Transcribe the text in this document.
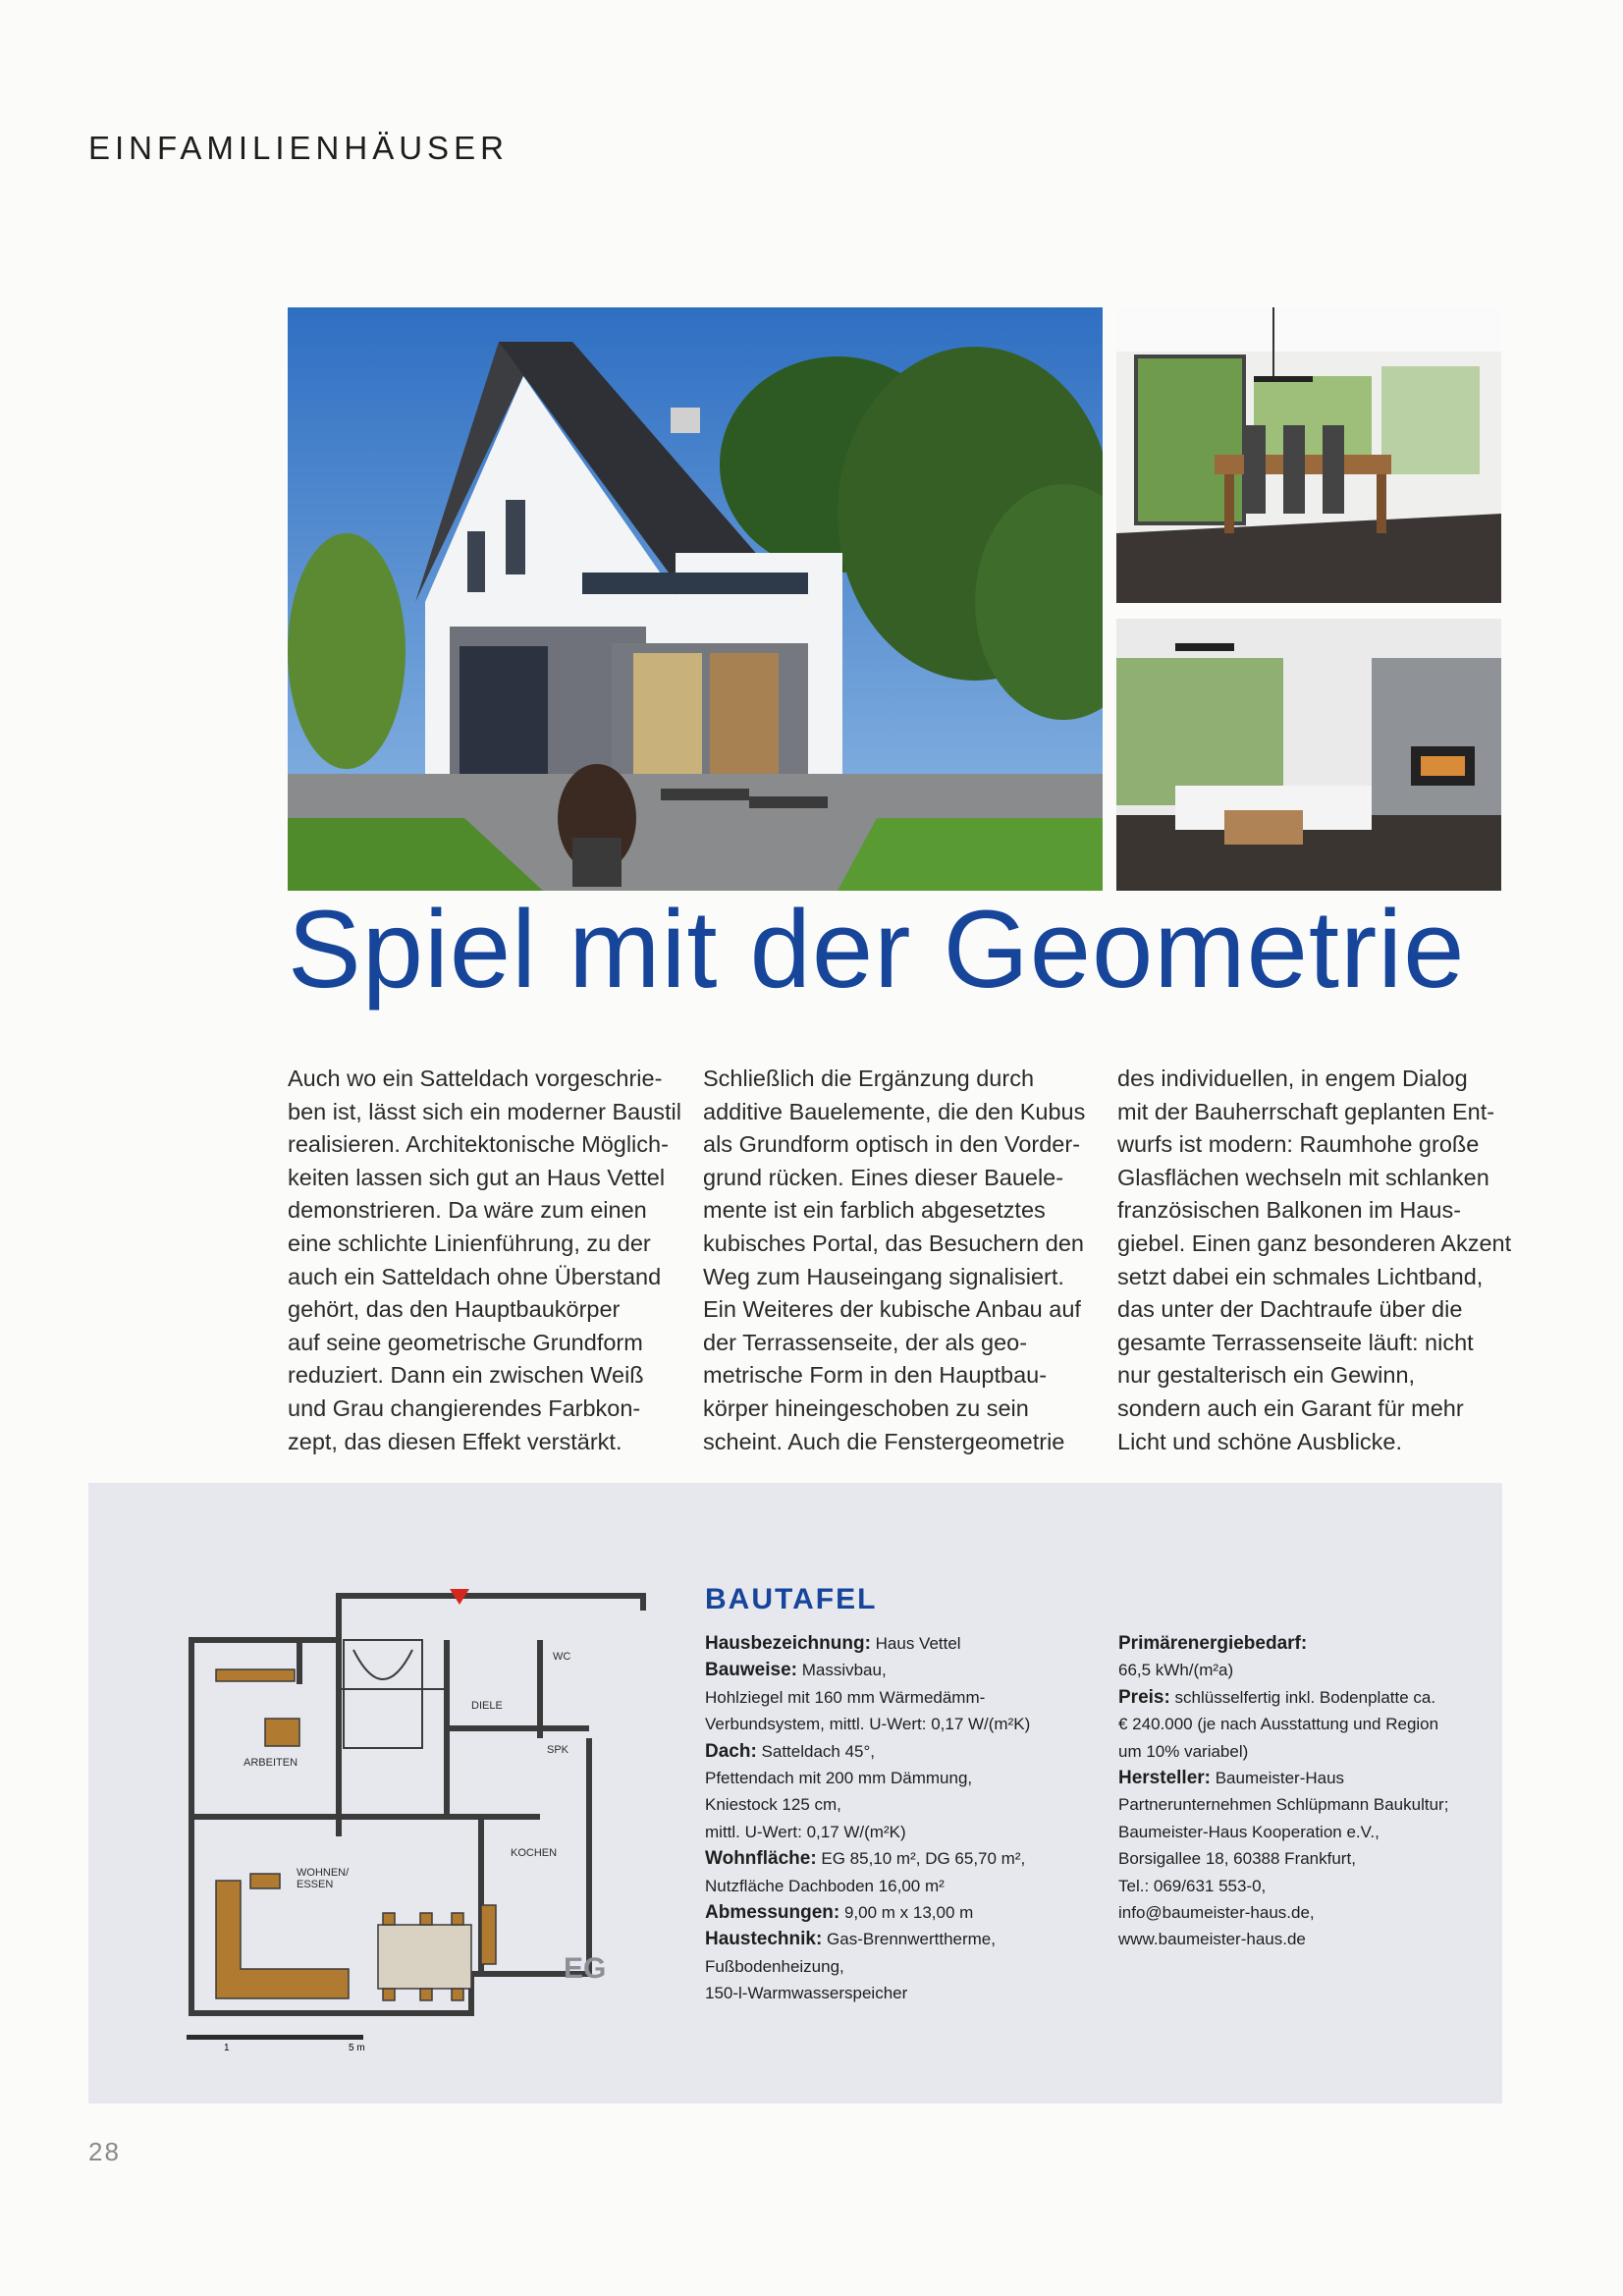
EINFAMILIENHÄUSER
Spiel mit der Geometrie
Auch wo ein Satteldach vorgeschrie-
ben ist, lässt sich ein moderner Baustil
realisieren. Architektonische Möglich-
keiten lassen sich gut an Haus Vettel
demonstrieren. Da wäre zum einen
eine schlichte Linienführung, zu der
auch ein Satteldach ohne Überstand
gehört, das den Hauptbaukörper
auf seine geometrische Grundform
reduziert. Dann ein zwischen Weiß
und Grau changierendes Farbkon-
zept, das diesen Effekt verstärkt.
Schließlich die Ergänzung durch
additive Bauelemente, die den Kubus
als Grundform optisch in den Vorder-
grund rücken. Eines dieser Bauele-
mente ist ein farblich abgesetztes
kubisches Portal, das Besuchern den
Weg zum Hauseingang signalisiert.
Ein Weiteres der kubische Anbau auf
der Terrassenseite, der als geo-
metrische Form in den Hauptbau-
körper hineingeschoben zu sein
scheint. Auch die Fenstergeometrie
des individuellen, in engem Dialog
mit der Bauherrschaft geplanten Ent-
wurfs ist modern: Raumhohe große
Glasflächen wechseln mit schlanken
französischen Balkonen im Haus-
giebel. Einen ganz besonderen Akzent
setzt dabei ein schmales Lichtband,
das unter der Dachtraufe über die
gesamte Terrassenseite läuft: nicht
nur gestalterisch ein Gewinn,
sondern auch ein Garant für mehr
Licht und schöne Ausblicke.
ARBEITEN
DIELE
WC
SPK
KOCHEN
WOHNEN/
ESSEN
1	5 m
EG
BAUTAFEL
Hausbezeichnung: Haus Vettel
Bauweise: Massivbau,
Hohlziegel mit 160 mm Wärmedämm-
Verbundsystem, mittl. U-Wert: 0,17 W/(m²K)
Dach: Satteldach 45°,
Pfettendach mit 200 mm Dämmung,
Kniestock 125 cm,
mittl. U-Wert: 0,17 W/(m²K)
Wohnfläche: EG 85,10 m², DG 65,70 m²,
Nutzfläche Dachboden 16,00 m²
Abmessungen: 9,00 m x 13,00 m
Haustechnik: Gas-Brennwerttherme,
Fußbodenheizung,
150-l-Warmwasserspeicher
Primärenergiebedarf:
66,5 kWh/(m²a)
Preis: schlüsselfertig inkl. Bodenplatte ca.
€ 240.000 (je nach Ausstattung und Region
um 10% variabel)
Hersteller: Baumeister-Haus
Partnerunternehmen Schlüpmann Baukultur;
Baumeister-Haus Kooperation e.V.,
Borsigallee 18, 60388 Frankfurt,
Tel.: 069/631 553-0,
info@baumeister-haus.de,
www.baumeister-haus.de
28
